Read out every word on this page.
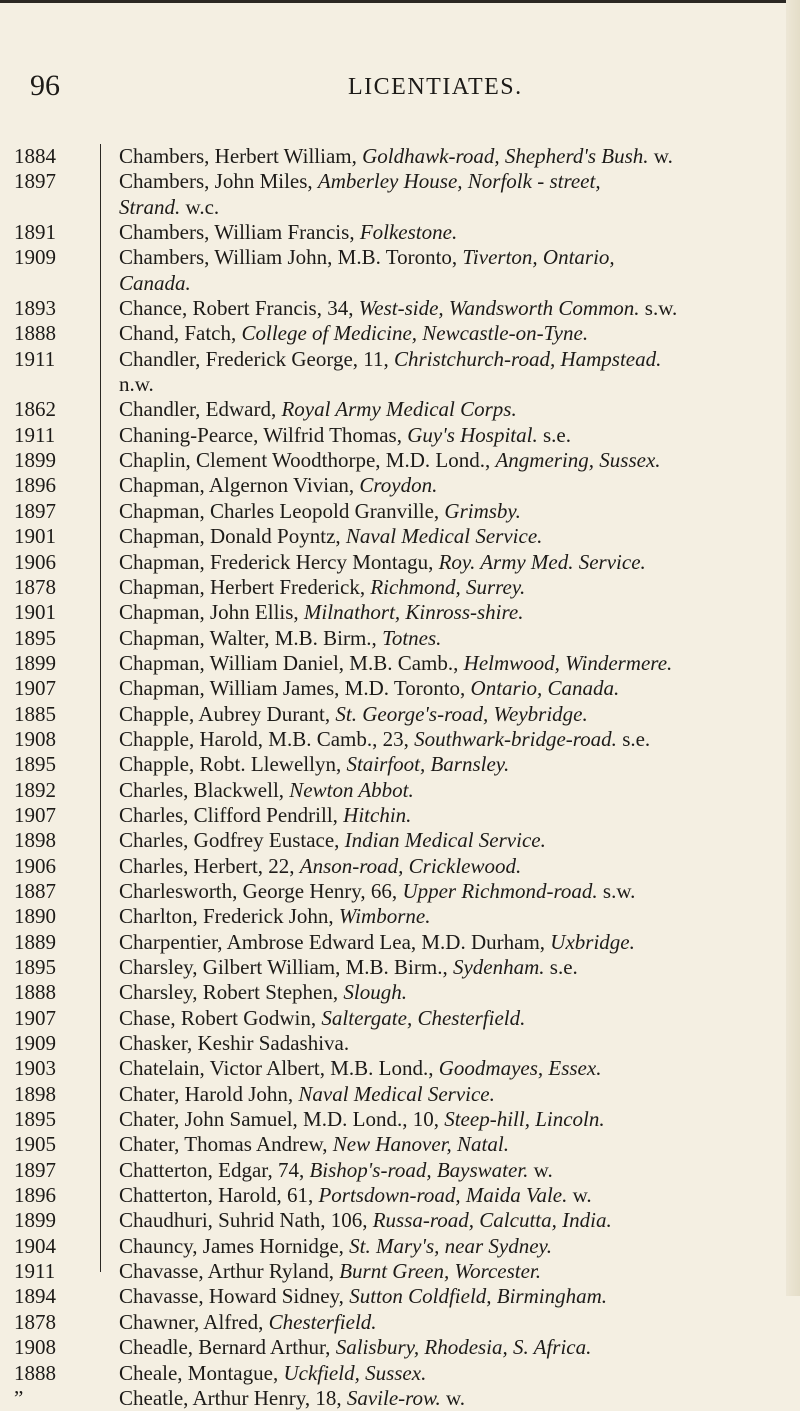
96	LICENTIATES.
1884	Chambers, Herbert William, Goldhawk-road, Shepherd's Bush. w.
1897	Chambers, John Miles, Amberley House, Norfolk - street,
Strand. w.c.
1891	Chambers, William Francis, Folkestone.
1909	Chambers, William John, M.B. Toronto, Tiverton, Ontario,
Canada.
1893	Chance, Robert Francis, 34, West-side, Wandsworth Common. s.w.
1888	Chand, Fatch, College of Medicine, Newcastle-on-Tyne.
1911	Chandler, Frederick George, 11, Christchurch-road, Hampstead.
n.w.
1862	Chandler, Edward, Royal Army Medical Corps.
1911	Chaning-Pearce, Wilfrid Thomas, Guy's Hospital. s.e.
1899	Chaplin, Clement Woodthorpe, M.D. Lond., Angmering, Sussex.
1896	Chapman, Algernon Vivian, Croydon.
1897	Chapman, Charles Leopold Granville, Grimsby.
1901	Chapman, Donald Poyntz, Naval Medical Service.
1906	Chapman, Frederick Hercy Montagu, Roy. Army Med. Service.
1878	Chapman, Herbert Frederick, Richmond, Surrey.
1901	Chapman, John Ellis, Milnathort, Kinross-shire.
1895	Chapman, Walter, M.B. Birm., Totnes.
1899	Chapman, William Daniel, M.B. Camb., Helmwood, Windermere.
1907	Chapman, William James, M.D. Toronto, Ontario, Canada.
1885	Chapple, Aubrey Durant, St. George's-road, Weybridge.
1908	Chapple, Harold, M.B. Camb., 23, Southwark-bridge-road. s.e.
1895	Chapple, Robt. Llewellyn, Stairfoot, Barnsley.
1892	Charles, Blackwell, Newton Abbot.
1907	Charles, Clifford Pendrill, Hitchin.
1898	Charles, Godfrey Eustace, Indian Medical Service.
1906	Charles, Herbert, 22, Anson-road, Cricklewood.
1887	Charlesworth, George Henry, 66, Upper Richmond-road. s.w.
1890	Charlton, Frederick John, Wimborne.
1889	Charpentier, Ambrose Edward Lea, M.D. Durham, Uxbridge.
1895	Charsley, Gilbert William, M.B. Birm., Sydenham. s.e.
1888	Charsley, Robert Stephen, Slough.
1907	Chase, Robert Godwin, Saltergate, Chesterfield.
1909	Chasker, Keshir Sadashiva.
1903	Chatelain, Victor Albert, M.B. Lond., Goodmayes, Essex.
1898	Chater, Harold John, Naval Medical Service.
1895	Chater, John Samuel, M.D. Lond., 10, Steep-hill, Lincoln.
1905	Chater, Thomas Andrew, New Hanover, Natal.
1897	Chatterton, Edgar, 74, Bishop's-road, Bayswater. w.
1896	Chatterton, Harold, 61, Portsdown-road, Maida Vale. w.
1899	Chaudhuri, Suhrid Nath, 106, Russa-road, Calcutta, India.
1904	Chauncy, James Hornidge, St. Mary's, near Sydney.
1911	Chavasse, Arthur Ryland, Burnt Green, Worcester.
1894	Chavasse, Howard Sidney, Sutton Coldfield, Birmingham.
1878	Chawner, Alfred, Chesterfield.
1908	Cheadle, Bernard Arthur, Salisbury, Rhodesia, S. Africa.
1888	Cheale, Montague, Uckfield, Sussex.
”	Cheatle, Arthur Henry, 18, Savile-row. w.
